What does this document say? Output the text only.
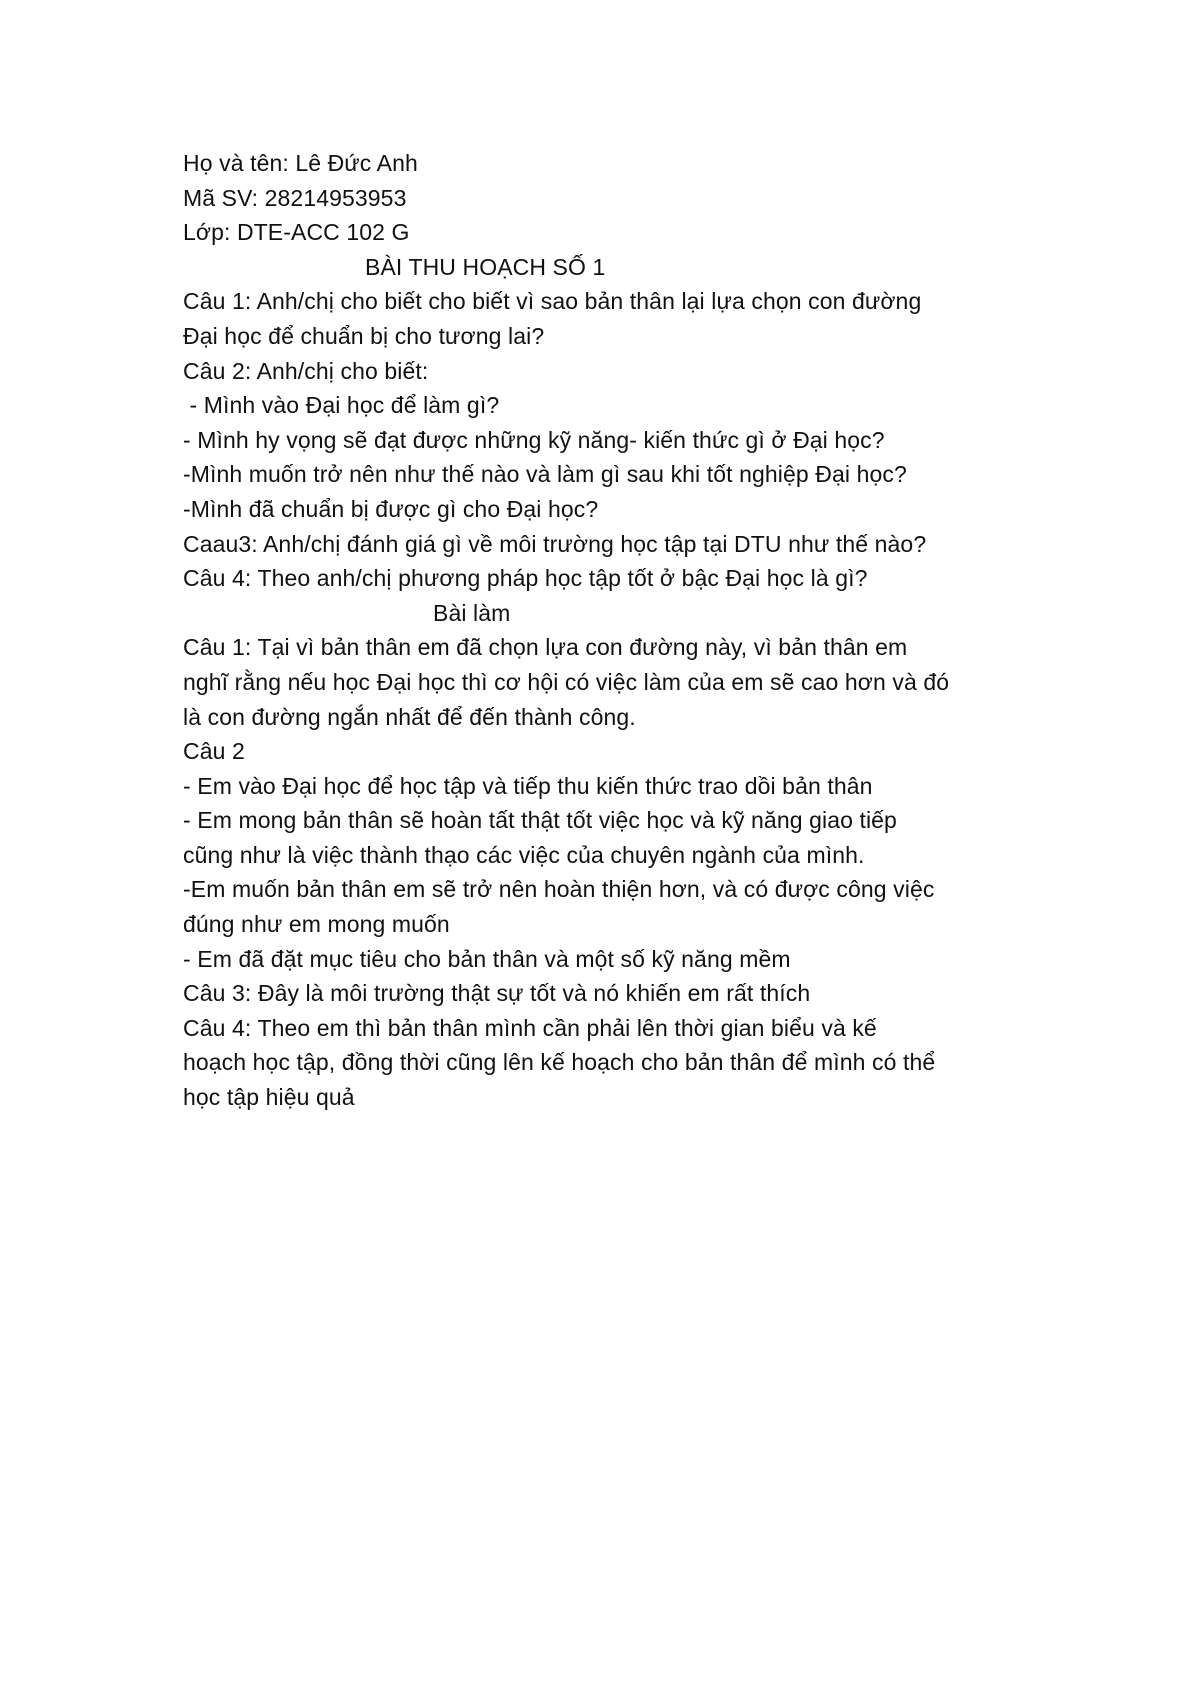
Họ và tên: Lê Đức Anh
Mã SV: 28214953953
Lớp: DTE-ACC 102 G
BÀI THU HOẠCH SỐ 1
Câu 1: Anh/chị cho biết cho biết vì sao bản thân lại lựa chọn con đường
Đại học để chuẩn bị cho tương lai?
Câu 2: Anh/chị cho biết:
- Mình vào Đại học để làm gì?
- Mình hy vọng sẽ đạt được những kỹ năng- kiến thức gì ở Đại học?
-Mình muốn trở nên như thế nào và làm gì sau khi tốt nghiệp Đại học?
-Mình đã chuẩn bị được gì cho Đại học?
Caau3: Anh/chị đánh giá gì về môi trường học tập tại DTU như thế nào?
Câu 4: Theo anh/chị phương pháp học tập tốt ở bậc Đại học là gì?
Bài làm
Câu 1: Tại vì bản thân em đã chọn lựa con đường này, vì bản thân em
nghĩ rằng nếu học Đại học thì cơ hội có việc làm của em sẽ cao hơn và đó
là con đường ngắn nhất để đến thành công.
Câu 2
- Em vào Đại học để học tập và tiếp thu kiến thức trao dồi bản thân
- Em mong bản thân sẽ hoàn tất thật tốt việc học và kỹ năng giao tiếp
cũng như là việc thành thạo các việc của chuyên ngành của mình.
-Em muốn bản thân em sẽ trở nên hoàn thiện hơn, và có được công việc
đúng như em mong muốn
- Em đã đặt mục tiêu cho bản thân và một số kỹ năng mềm
Câu 3: Đây là môi trường thật sự tốt và nó khiến em rất thích
Câu 4: Theo em thì bản thân mình cần phải lên thời gian biểu và kế
hoạch học tập, đồng thời cũng lên kế hoạch cho bản thân để mình có thể
học tập hiệu quả
